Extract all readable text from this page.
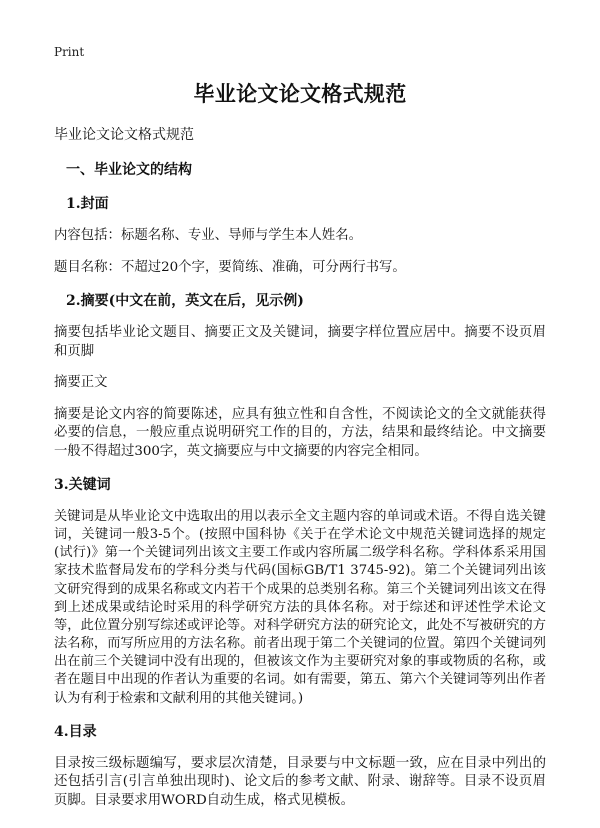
Print
毕业论文论文格式规范

毕业论文论文格式规范

一、毕业论文的结构
1.封面

内容包括：标题名称、专业、导师与学生本人姓名。

题目名称：不超过20个字，要简练、准确，可分两行书写。

2.摘要(中文在前，英文在后，见示例)

摘要包括毕业论文题目、摘要正文及关键词，摘要字样位置应居中。摘要不设页眉和页脚

摘要正文

摘要是论文内容的简要陈述，应具有独立性和自含性，不阅读论文的全文就能获得必要的信息，一般应重点说明研究工作的目的，方法，结果和最终结论。中文摘要一般不得超过300字，英文摘要应与中文摘要的内容完全相同。

3.关键词

关键词是从毕业论文中选取出的用以表示全文主题内容的单词或术语。不得自选关键词，关键词一般3-5个。(按照中国科协《关于在学术论文中规范关键词选择的规定(试行)》第一个关键词列出该文主要工作或内容所属二级学科名称。学科体系采用国家技术监督局发布的学科分类与代码(国标GB/T1 3745-92)。第二个关键词列出该文研究得到的成果名称或文内若干个成果的总类别名称。第三个关键词列出该文在得到上述成果或结论时采用的科学研究方法的具体名称。对于综述和评述性学术论文等，此位置分别写综述或评论等。对科学研究方法的研究论文，此处不写被研究的方法名称，而写所应用的方法名称。前者出现于第二个关键词的位置。第四个关键词列出在前三个关键词中没有出现的，但被该文作为主要研究对象的事或物质的名称，或者在题目中出现的作者认为重要的名词。如有需要，第五、第六个关键词等列出作者认为有利于检索和文献利用的其他关键词。)

4.目录

目录按三级标题编写，要求层次清楚，目录要与中文标题一致，应在目录中列出的还包括引言(引言单独出现时)、论文后的参考文献、附录、谢辞等。目录不设页眉页脚。目录要求用WORD自动生成，格式见模板。
